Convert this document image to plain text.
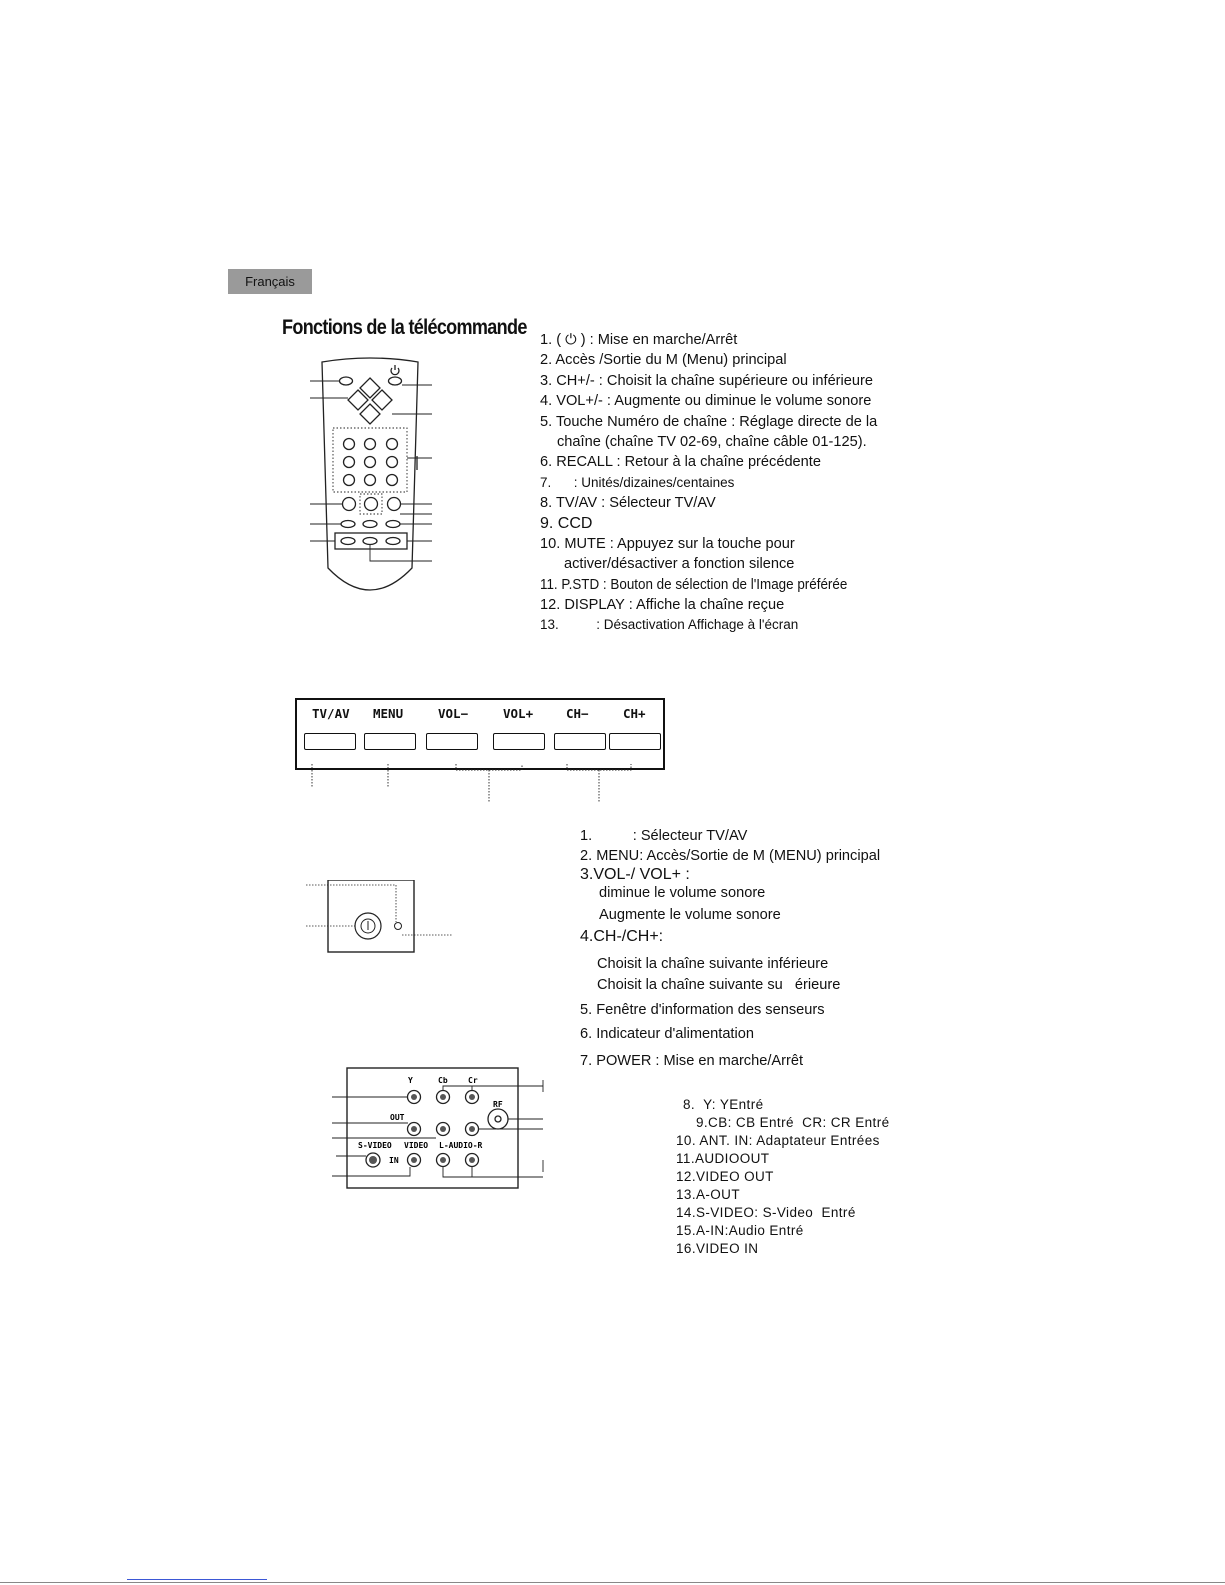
Français
Fonctions de la télécommande
1. ( ⏻ ) : Mise en marche/Arrêt
2. Accès /Sortie du M (Menu) principal
3. CH+/- : Choisit la chaîne supérieure ou inférieure
4. VOL+/- : Augmente ou diminue le volume sonore
5. Touche Numéro de chaîne : Réglage directe de la
chaîne (chaîne TV 02-69, chaîne câble 01-125).
6. RECALL : Retour à la chaîne précédente
7.      : Unités/dizaines/centaines
8. TV/AV : Sélecteur TV/AV
9. CCD
10. MUTE : Appuyez sur la touche pour
activer/désactiver a fonction silence
11. P.STD : Bouton de sélection de l'Image préférée
12. DISPLAY : Affiche la chaîne reçue
13.          : Désactivation Affichage à l'écran
TV/AV MENU	VOL−	VOL+	CH−	CH+
1.          : Sélecteur TV/AV
2. MENU: Accès/Sortie de M (MENU) principal
3.VOL-/ VOL+ :
diminue le volume sonore
Augmente le volume sonore
4.CH-/CH+:
Choisit la chaîne suivante inférieure
Choisit la chaîne suivante su   érieure
5. Fenêtre d'information des senseurs
6. Indicateur d'alimentation
7. POWER : Mise en marche/Arrêt
Y	Cb	Cr
OUT
RF
S-VIDEO VIDEO
IN
L-AUDIO-R
8.  Y: YEntré
9.CB: CB Entré  CR: CR Entré
10. ANT. IN: Adaptateur Entrées
11.AUDIOOUT
12.VIDEO OUT
13.A-OUT
14.S-VIDEO: S-Video  Entré
15.A-IN:Audio Entré
16.VIDEO IN
